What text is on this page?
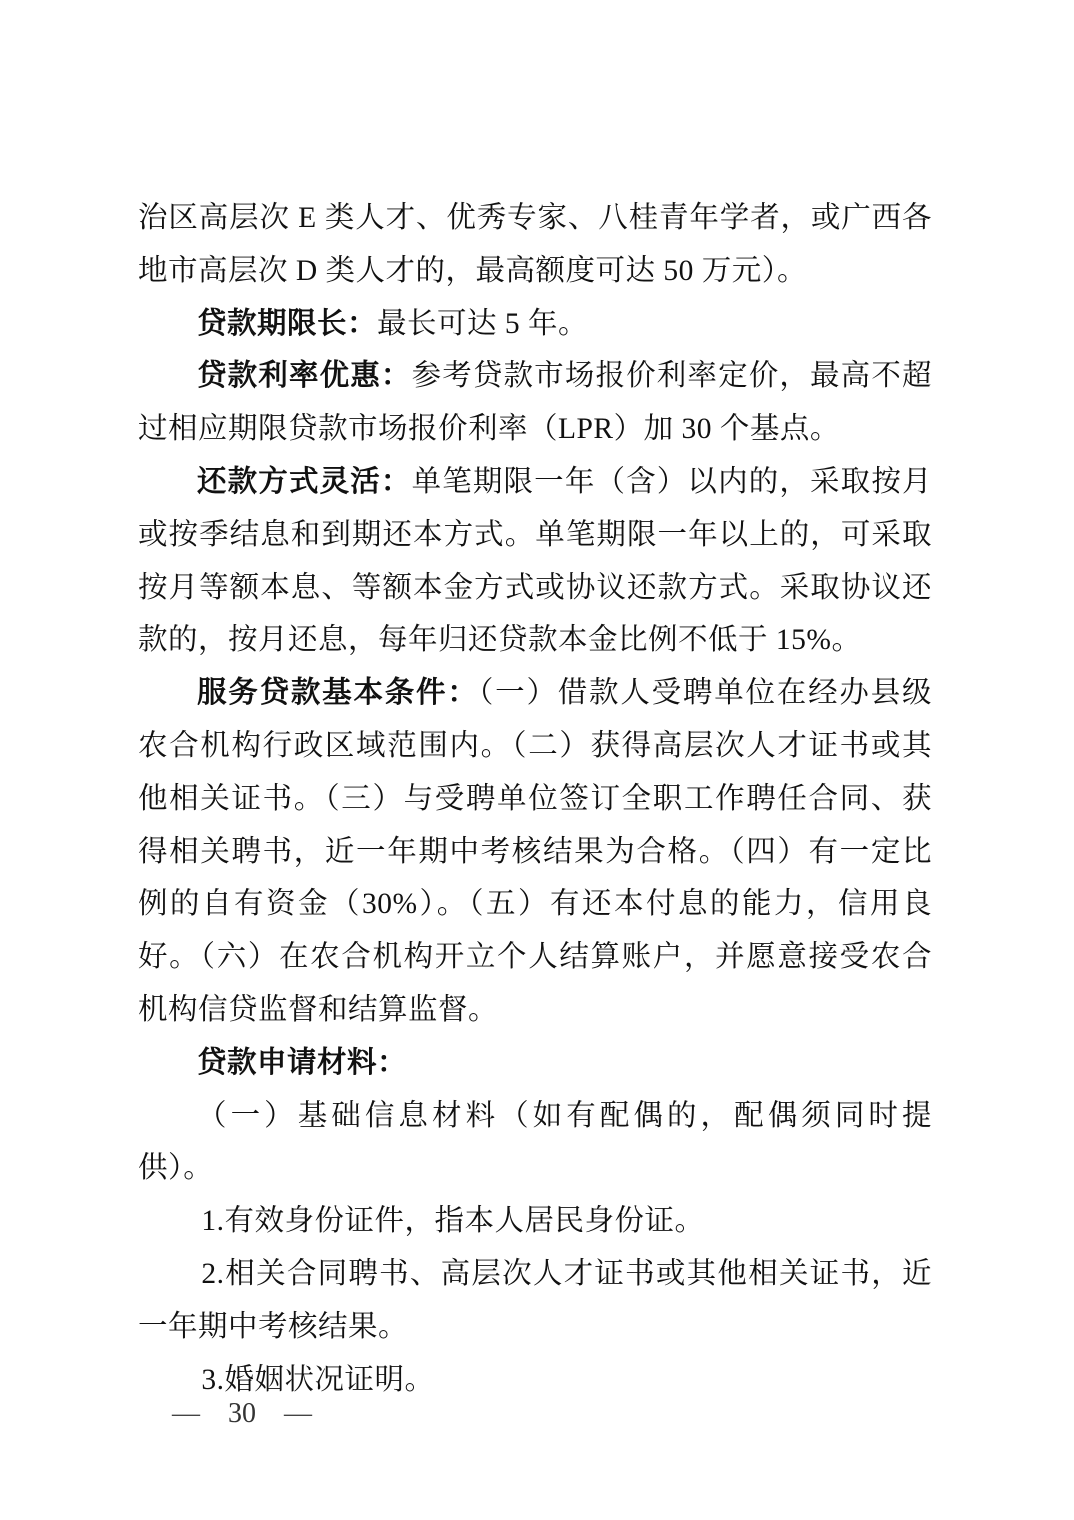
治区高层次 E 类人才、优秀专家、八桂青年学者，或广西各地市高层次 D 类人才的，最高额度可达 50 万元）。

贷款期限长：最长可达 5 年。

贷款利率优惠：参考贷款市场报价利率定价，最高不超过相应期限贷款市场报价利率（LPR）加 30 个基点。

还款方式灵活：单笔期限一年（含）以内的，采取按月或按季结息和到期还本方式。单笔期限一年以上的，可采取按月等额本息、等额本金方式或协议还款方式。采取协议还款的，按月还息，每年归还贷款本金比例不低于 15%。

服务贷款基本条件：（一）借款人受聘单位在经办县级农合机构行政区域范围内。（二）获得高层次人才证书或其他相关证书。（三）与受聘单位签订全职工作聘任合同、获得相关聘书，近一年期中考核结果为合格。（四）有一定比例的自有资金（30%）。（五）有还本付息的能力，信用良好。（六）在农合机构开立个人结算账户，并愿意接受农合机构信贷监督和结算监督。

贷款申请材料：

（一）基础信息材料（如有配偶的，配偶须同时提供）。

1.有效身份证件，指本人居民身份证。

2.相关合同聘书、高层次人才证书或其他相关证书，近一年期中考核结果。

3.婚姻状况证明。

— 30 —
